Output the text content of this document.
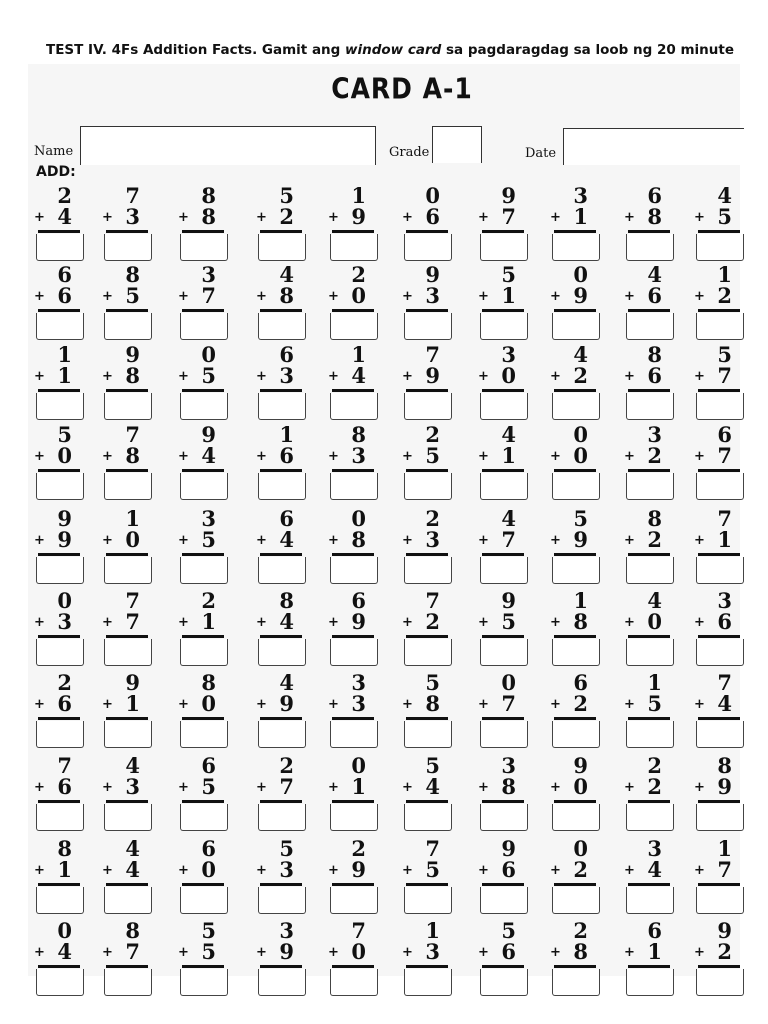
TEST IV. 4Fs Addition Facts. Gamit ang window card sa pagdaragdag sa loob ng 20 minute
CARD A-1
Name	Grade	Date
ADD:
2
+ 4
7
+ 3
8
+ 8
5
+ 2
1
+ 9
0
+ 6
9
+ 7
3
+ 1
6
+ 8
4
+ 5
6
+ 6
8
+ 5
3
+ 7
4
+ 8
2
+ 0
9
+ 3
5
+ 1
0
+ 9
4
+ 6
1
+ 2
1
+ 1
9
+ 8
0
+ 5
6
+ 3
1
+ 4
7
+ 9
3
+ 0
4
+ 2
8
+ 6
5
+ 7
5
+ 0
7
+ 8
9
+ 4
1
+ 6
8
+ 3
2
+ 5
4
+ 1
0
+ 0
3
+ 2
6
+ 7
9
+ 9
1
+ 0
3
+ 5
6
+ 4
0
+ 8
2
+ 3
4
+ 7
5
+ 9
8
+ 2
7
+ 1
0
+ 3
7
+ 7
2
+ 1
8
+ 4
6
+ 9
7
+ 2
9
+ 5
1
+ 8
4
+ 0
3
+ 6
2
+ 6
9
+ 1
8
+ 0
4
+ 9
3
+ 3
5
+ 8
0
+ 7
6
+ 2
1
+ 5
7
+ 4
7
+ 6
4
+ 3
6
+ 5
2
+ 7
0
+ 1
5
+ 4
3
+ 8
9
+ 0
2
+ 2
8
+ 9
8
+ 1
4
+ 4
6
+ 0
5
+ 3
2
+ 9
7
+ 5
9
+ 6
0
+ 2
3
+ 4
1
+ 7
0
+ 4
8
+ 7
5
+ 5
3
+ 9
7
+ 0
1
+ 3
5
+ 6
2
+ 8
6
+ 1
9
+ 2
